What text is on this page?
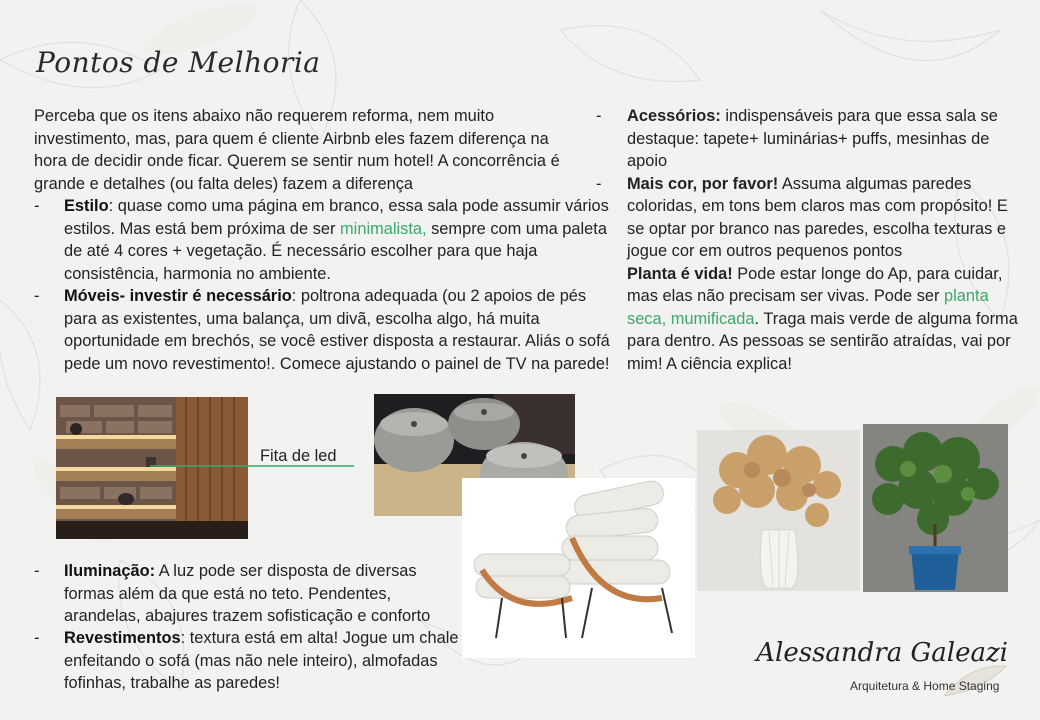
Pontos de Melhoria

Perceba que os itens abaixo não requerem reforma, nem muito investimento, mas, para quem é cliente Airbnb eles fazem diferença na hora de decidir onde ficar. Querem se sentir num hotel! A concorrência é grande e detalhes (ou falta deles) fazem a diferença

-
-
- Estilo: quase como uma página em branco, essa sala pode assumir vários estilos. Mas está bem próxima de ser minimalista, sempre com uma paleta de até 4 cores + vegetação. É necessário escolher para que haja consistência, harmonia no ambiente.

- Móveis- investir é necessário: poltrona adequada (ou 2 apoios de pés para as existentes, uma balança, um divã, escolha algo, há muita oportunidade em brechós, se você estiver disposta a restaurar. Aliás o sofá pede um novo revestimento!. Comece ajustando o painel de TV na parede!

Acessórios: indispensáveis para que essa sala se destaque: tapete+ luminárias+ puffs, mesinhas de apoio

Mais cor, por favor! Assuma algumas paredes coloridas, em tons bem claros mas com propósito! E se optar por branco nas paredes, escolha texturas e jogue cor em outros pequenos pontos

Planta é vida! Pode estar longe do Ap, para cuidar, mas elas não precisam ser vivas. Pode ser planta seca, mumificada. Traga mais verde de alguma forma para dentro. As pessoas se sentirão atraídas, vai por mim! A ciência explica!

Fita de led
- Iluminação: A luz pode ser disposta de diversas formas além da que está no teto. Pendentes, arandelas, abajures trazem sofisticação e conforto

- Revestimentos: textura está em alta! Jogue um chale enfeitando o sofá (mas não nele inteiro), almofadas fofinhas, trabalhe as paredes!

Alessandra Galeazi
Arquitetura & Home Staging
